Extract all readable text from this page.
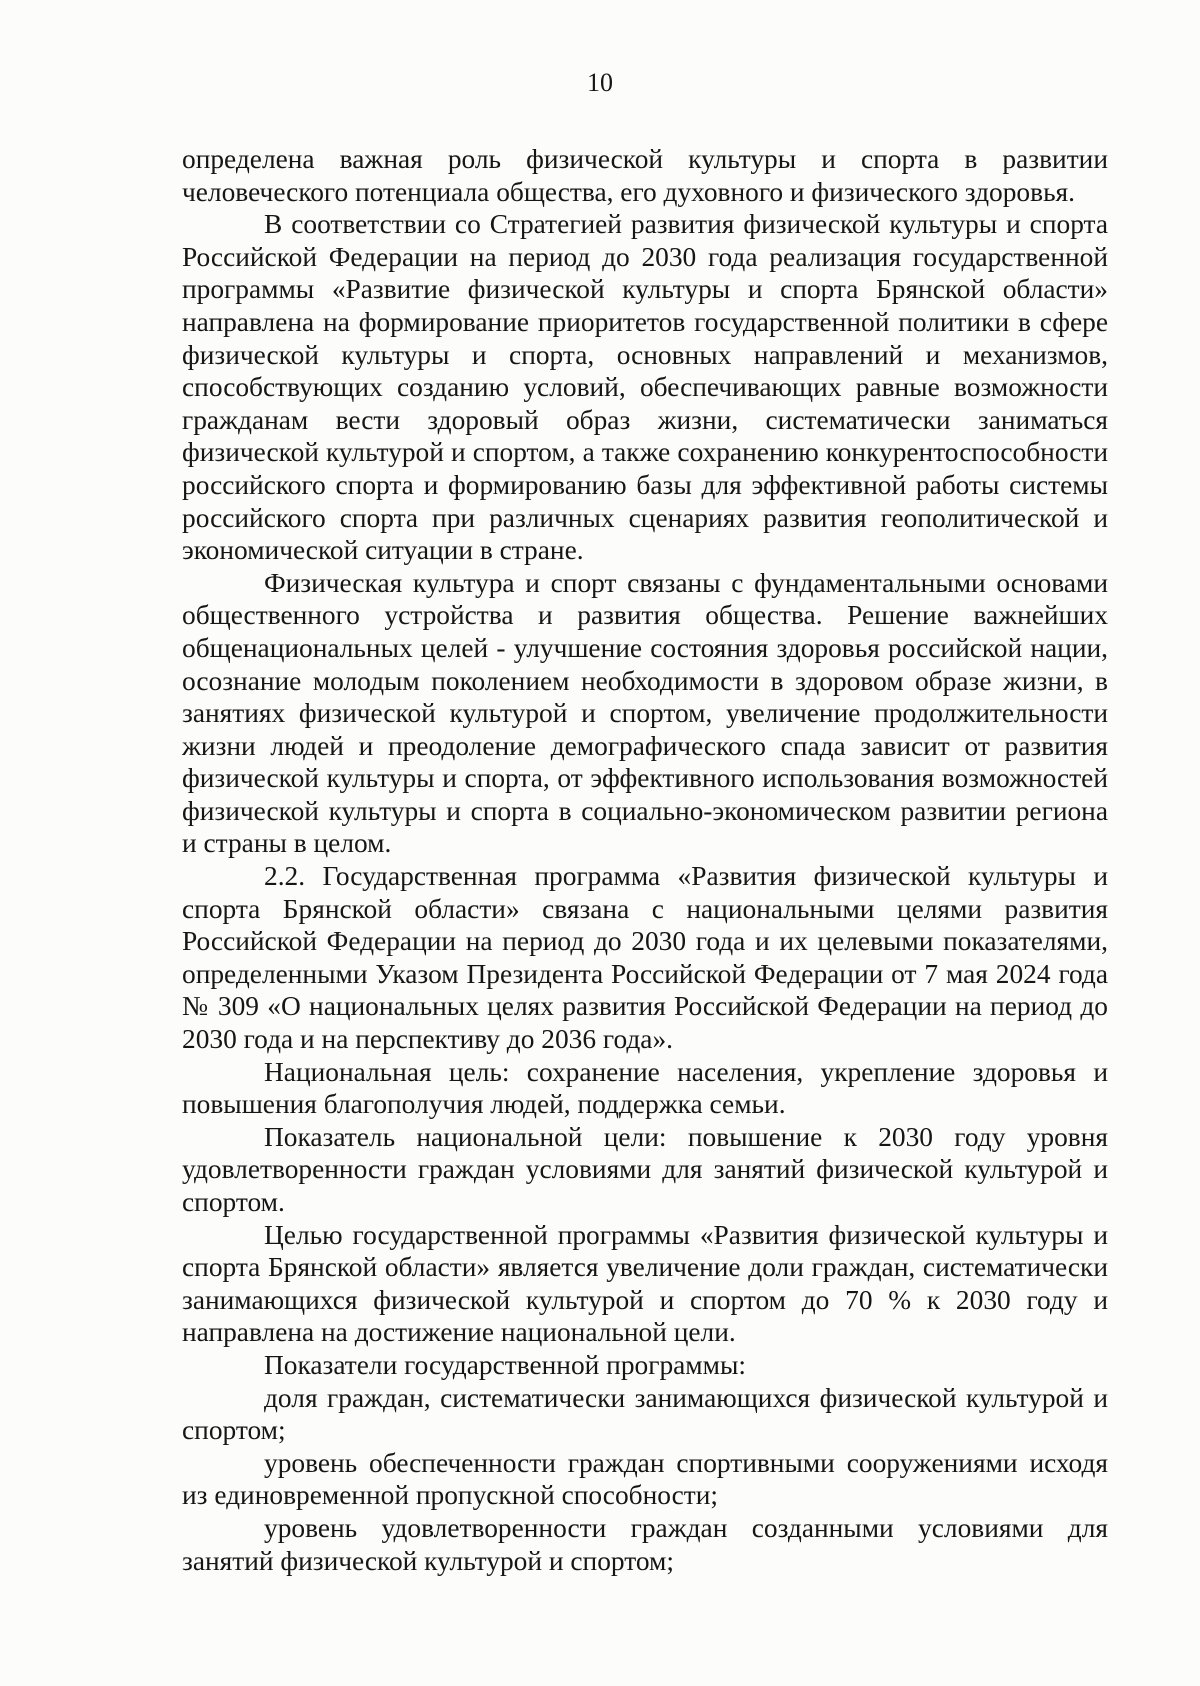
10

определена важная роль физической культуры и спорта в развитии человеческого потенциала общества, его духовного и физического здоровья.

В соответствии со Стратегией развития физической культуры и спорта Российской Федерации на период до 2030 года реализация государственной программы «Развитие физической культуры и спорта Брянской области» направлена на формирование приоритетов государственной политики в сфере физической культуры и спорта, основных направлений и механизмов, способствующих созданию условий, обеспечивающих равные возможности гражданам вести здоровый образ жизни, систематически заниматься физической культурой и спортом, а также сохранению конкурентоспособности российского спорта и формированию базы для эффективной работы системы российского спорта при различных сценариях развития геополитической и экономической ситуации в стране.

Физическая культура и спорт связаны с фундаментальными основами общественного устройства и развития общества. Решение важнейших общенациональных целей - улучшение состояния здоровья российской нации, осознание молодым поколением необходимости в здоровом образе жизни, в занятиях физической культурой и спортом, увеличение продолжительности жизни людей и преодоление демографического спада зависит от развития физической культуры и спорта, от эффективного использования возможностей физической культуры и спорта в социально-экономическом развитии региона и страны в целом.

2.2. Государственная программа «Развития физической культуры и спорта Брянской области» связана с национальными целями развития Российской Федерации на период до 2030 года и их целевыми показателями, определенными Указом Президента Российской Федерации от 7 мая 2024 года № 309 «О национальных целях развития Российской Федерации на период до 2030 года и на перспективу до 2036 года».

Национальная цель: сохранение населения, укрепление здоровья и повышения благополучия людей, поддержка семьи.

Показатель национальной цели: повышение к 2030 году уровня удовлетворенности граждан условиями для занятий физической культурой и спортом.

Целью государственной программы «Развития физической культуры и спорта Брянской области» является увеличение доли граждан, систематически занимающихся физической культурой и спортом до 70 % к 2030 году и направлена на достижение национальной цели.

Показатели государственной программы:

доля граждан, систематически занимающихся физической культурой и спортом;

уровень обеспеченности граждан спортивными сооружениями исходя из единовременной пропускной способности;

уровень удовлетворенности граждан созданными условиями для занятий физической культурой и спортом;
